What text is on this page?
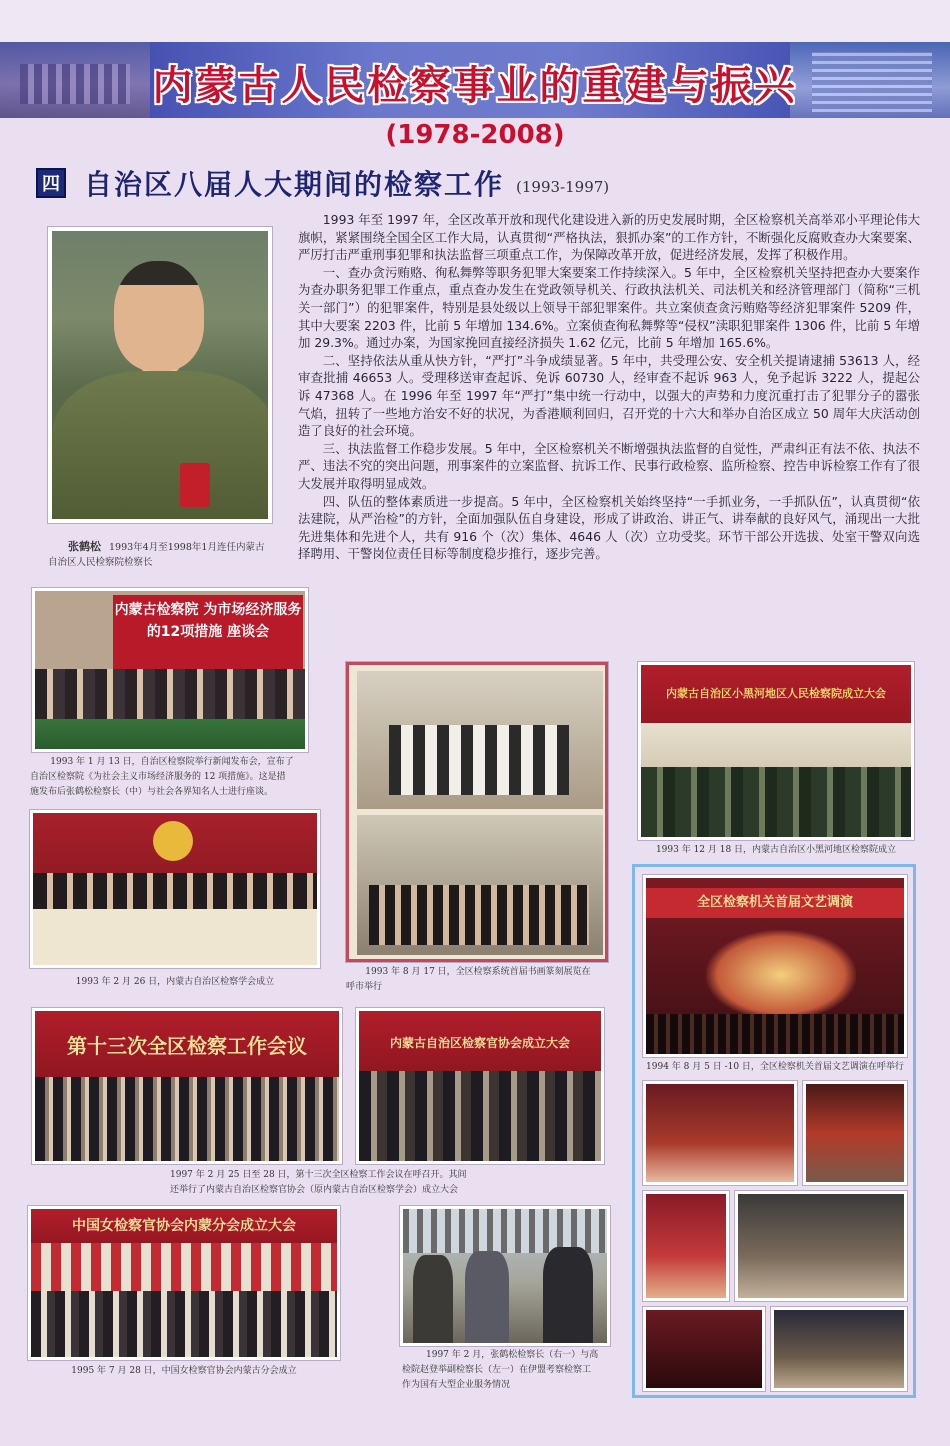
内蒙古人民检察事业的重建与振兴
(1978-2008)
四 自治区八届人大期间的检察工作 (1993-1997)
张鹤松 1993年4月至1998年1月连任内蒙古
自治区人民检察院检察长

1993 年至 1997 年，全区改革开放和现代化建设进入新的历史发展时期，全区检察机关高举邓小平理论伟大旗帜，紧紧围绕全国全区工作大局，认真贯彻“严格执法，狠抓办案”的工作方针，不断强化反腐败查办大案要案、严厉打击严重刑事犯罪和执法监督三项重点工作，为保障改革开放，促进经济发展，发挥了积极作用。

一、查办贪污贿赂、徇私舞弊等职务犯罪大案要案工作持续深入。5 年中，全区检察机关坚持把查办大要案作为查办职务犯罪工作重点，重点查办发生在党政领导机关、行政执法机关、司法机关和经济管理部门（简称“三机关一部门”）的犯罪案件，特别是县处级以上领导干部犯罪案件。共立案侦查贪污贿赂等经济犯罪案件 5209 件，其中大要案 2203 件，比前 5 年增加 134.6%。立案侦查徇私舞弊等“侵权”渎职犯罪案件 1306 件，比前 5 年增加 29.3%。通过办案，为国家挽回直接经济损失 1.62 亿元，比前 5 年增加 165.6%。

二、坚持依法从重从快方针，“严打”斗争成绩显著。5 年中，共受理公安、安全机关提请逮捕 53613 人，经审查批捕 46653 人。受理移送审查起诉、免诉 60730 人，经审查不起诉 963 人，免予起诉 3222 人，提起公诉 47368 人。在 1996 年至 1997 年“严打”集中统一行动中，以强大的声势和力度沉重打击了犯罪分子的嚣张气焰，扭转了一些地方治安不好的状况，为香港顺利回归，召开党的十六大和举办自治区成立 50 周年大庆活动创造了良好的社会环境。

三、执法监督工作稳步发展。5 年中，全区检察机关不断增强执法监督的自觉性，严肃纠正有法不依、执法不严、违法不究的突出问题，刑事案件的立案监督、抗诉工作、民事行政检察、监所检察、控告申诉检察工作有了很大发展并取得明显成效。

四、队伍的整体素质进一步提高。5 年中，全区检察机关始终坚持“一手抓业务，一手抓队伍”，认真贯彻“依法建院，从严治检”的方针，全面加强队伍自身建设，形成了讲政治、讲正气、讲奉献的良好风气，涌现出一大批先进集体和先进个人，共有 916 个（次）集体、4646 人（次）立功受奖。环节干部公开选拔、处室干警双向选择聘用、干警岗位责任目标等制度稳步推行，逐步完善。

内蒙古检察院 为市场经济服务的12项措施 座谈会
1993 年 1 月 13 日，自治区检察院举行新闻发布会，宣布了
自治区检察院《为社会主义市场经济服务的 12 项措施》。这是措
施发布后张鹤松检察长（中）与社会各界知名人士进行座谈。
1993 年 2 月 26 日，内蒙古自治区检察学会成立
1993 年 8 月 17 日，全区检察系统首届书画篆刻展览在
呼市举行
内蒙古自治区小黑河地区人民检察院成立大会
1993 年 12 月 18 日，内蒙古自治区小黑河地区检察院成立
全区检察机关首届文艺调演
1994 年 8 月 5 日 -10 日，全区检察机关首届文艺调演在呼举行
第十三次全区检察工作会议	内蒙古自治区检察官协会成立大会
1997 年 2 月 25 日至 28 日，第十三次全区检察工作会议在呼召开。其间
还举行了内蒙古自治区检察官协会（原内蒙古自治区检察学会）成立大会
中国女检察官协会内蒙分会成立大会
1995 年 7 月 28 日，中国女检察官协会内蒙古分会成立
1997 年 2 月，张鹤松检察长（右一）与高
检院赵登举副检察长（左一）在伊盟考察检察工
作为国有大型企业服务情况
